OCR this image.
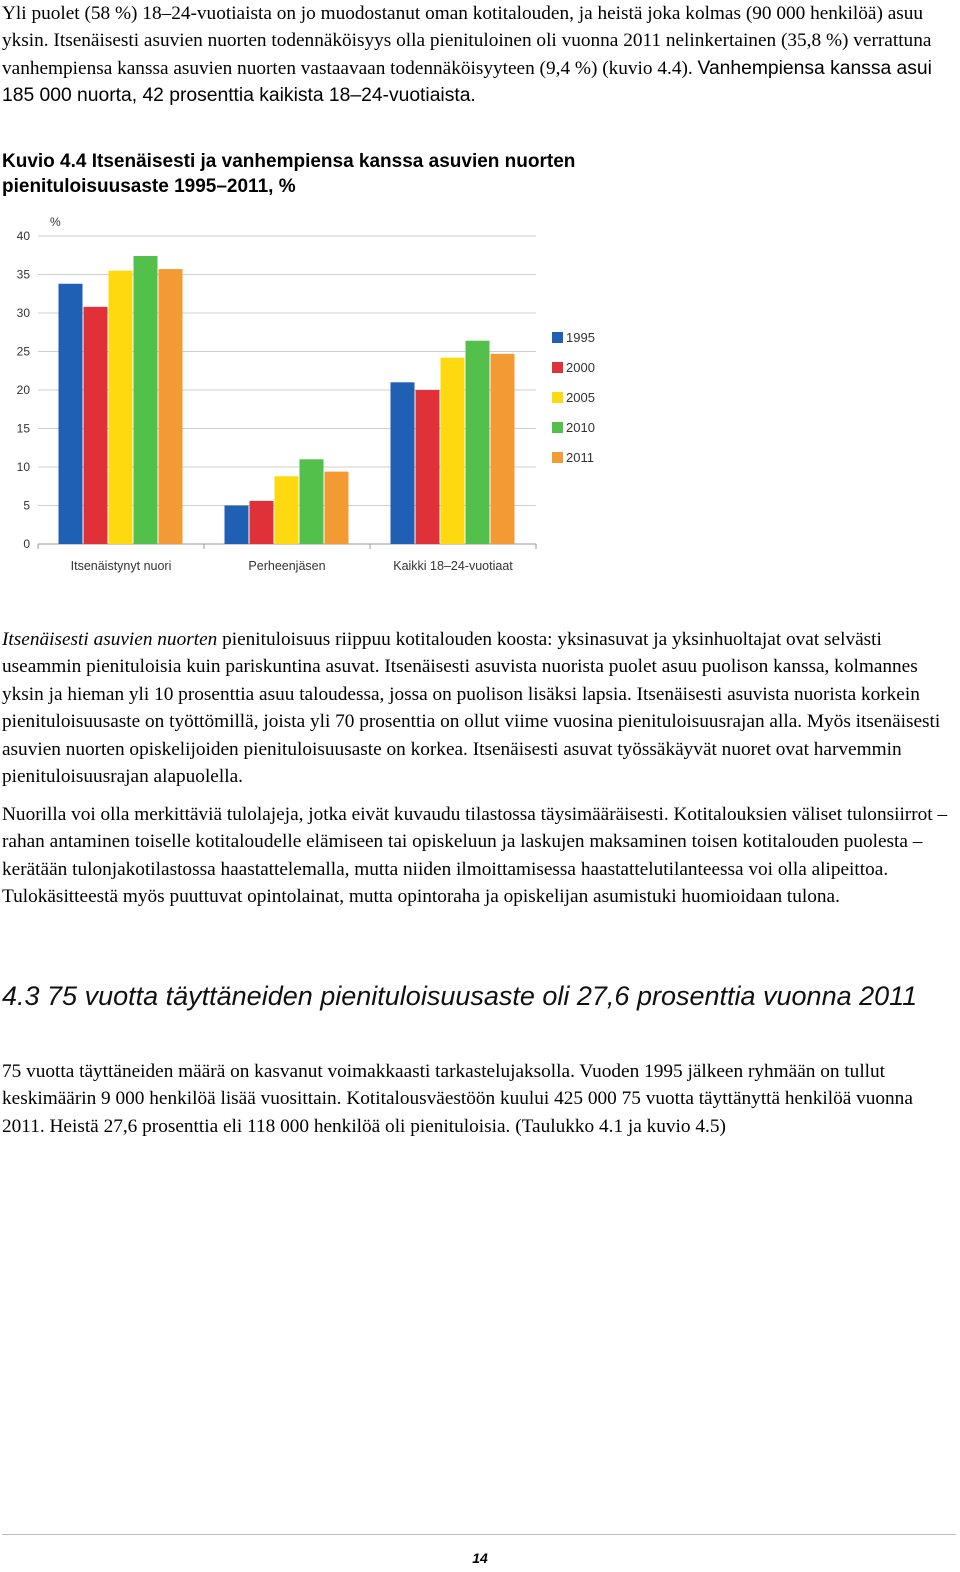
Yli puolet (58 %) 18–24-vuotiaista on jo muodostanut oman kotitalouden, ja heistä joka kolmas (90 000 henkilöä) asuu yksin. Itsenäisesti asuvien nuorten todennäköisyys olla pienituloinen oli vuonna 2011 nelinkertainen (35,8 %) verrattuna vanhempiensa kanssa asuvien nuorten vastaavaan todennäköisyyteen (9,4 %) (kuvio 4.4). Vanhempiensa kanssa asui 185 000 nuorta, 42 prosenttia kaikista 18–24-vuotiaista.

Kuvio 4.4 Itsenäisesti ja vanhempiensa kanssa asuvien nuorten
pienituloisuusaste 1995–2011, %

0
5
10
15
20
25
30
35
40
%
Itsenäistynyt nuori	Perheenjäsen	Kaikki 18–24-vuotiaat
1995
2000
2005
2010
2011

Itsenäisesti asuvien nuorten pienituloisuus riippuu kotitalouden koosta: yksinasuvat ja yksinhuoltajat ovat selvästi useammin pienituloisia kuin pariskuntina asuvat. Itsenäisesti asuvista nuorista puolet asuu puolison kanssa, kolmannes yksin ja hieman yli 10 prosenttia asuu taloudessa, jossa on puolison lisäksi lapsia. Itsenäisesti asuvista nuorista korkein pienituloisuusaste on työttömillä, joista yli 70 prosenttia on ollut viime vuosina pienituloisuusrajan alla. Myös itsenäisesti asuvien nuorten opiskelijoiden pienituloisuusaste on korkea. Itsenäisesti asuvat työssäkäyvät nuoret ovat harvemmin pienituloisuusrajan alapuolella.

Nuorilla voi olla merkittäviä tulolajeja, jotka eivät kuvaudu tilastossa täysimääräisesti. Kotitalouksien väliset tulonsiirrot – rahan antaminen toiselle kotitaloudelle elämiseen tai opiskeluun ja laskujen maksaminen toisen kotitalouden puolesta – kerätään tulonjakotilastossa haastattelemalla, mutta niiden ilmoittamisessa haastattelutilanteessa voi olla alipeittoa. Tulokäsitteestä myös puuttuvat opintolainat, mutta opintoraha ja opiskelijan asumistuki huomioidaan tulona.

4.3 75 vuotta täyttäneiden pienituloisuusaste oli 27,6 prosenttia vuonna 2011

75 vuotta täyttäneiden määrä on kasvanut voimakkaasti tarkastelujaksolla. Vuoden 1995 jälkeen ryhmään on tullut keskimäärin 9 000 henkilöä lisää vuosittain. Kotitalousväestöön kuului 425 000 75 vuotta täyttänyttä henkilöä vuonna 2011. Heistä 27,6 prosenttia eli 118 000 henkilöä oli pienituloisia. (Taulukko 4.1 ja kuvio 4.5)

14
